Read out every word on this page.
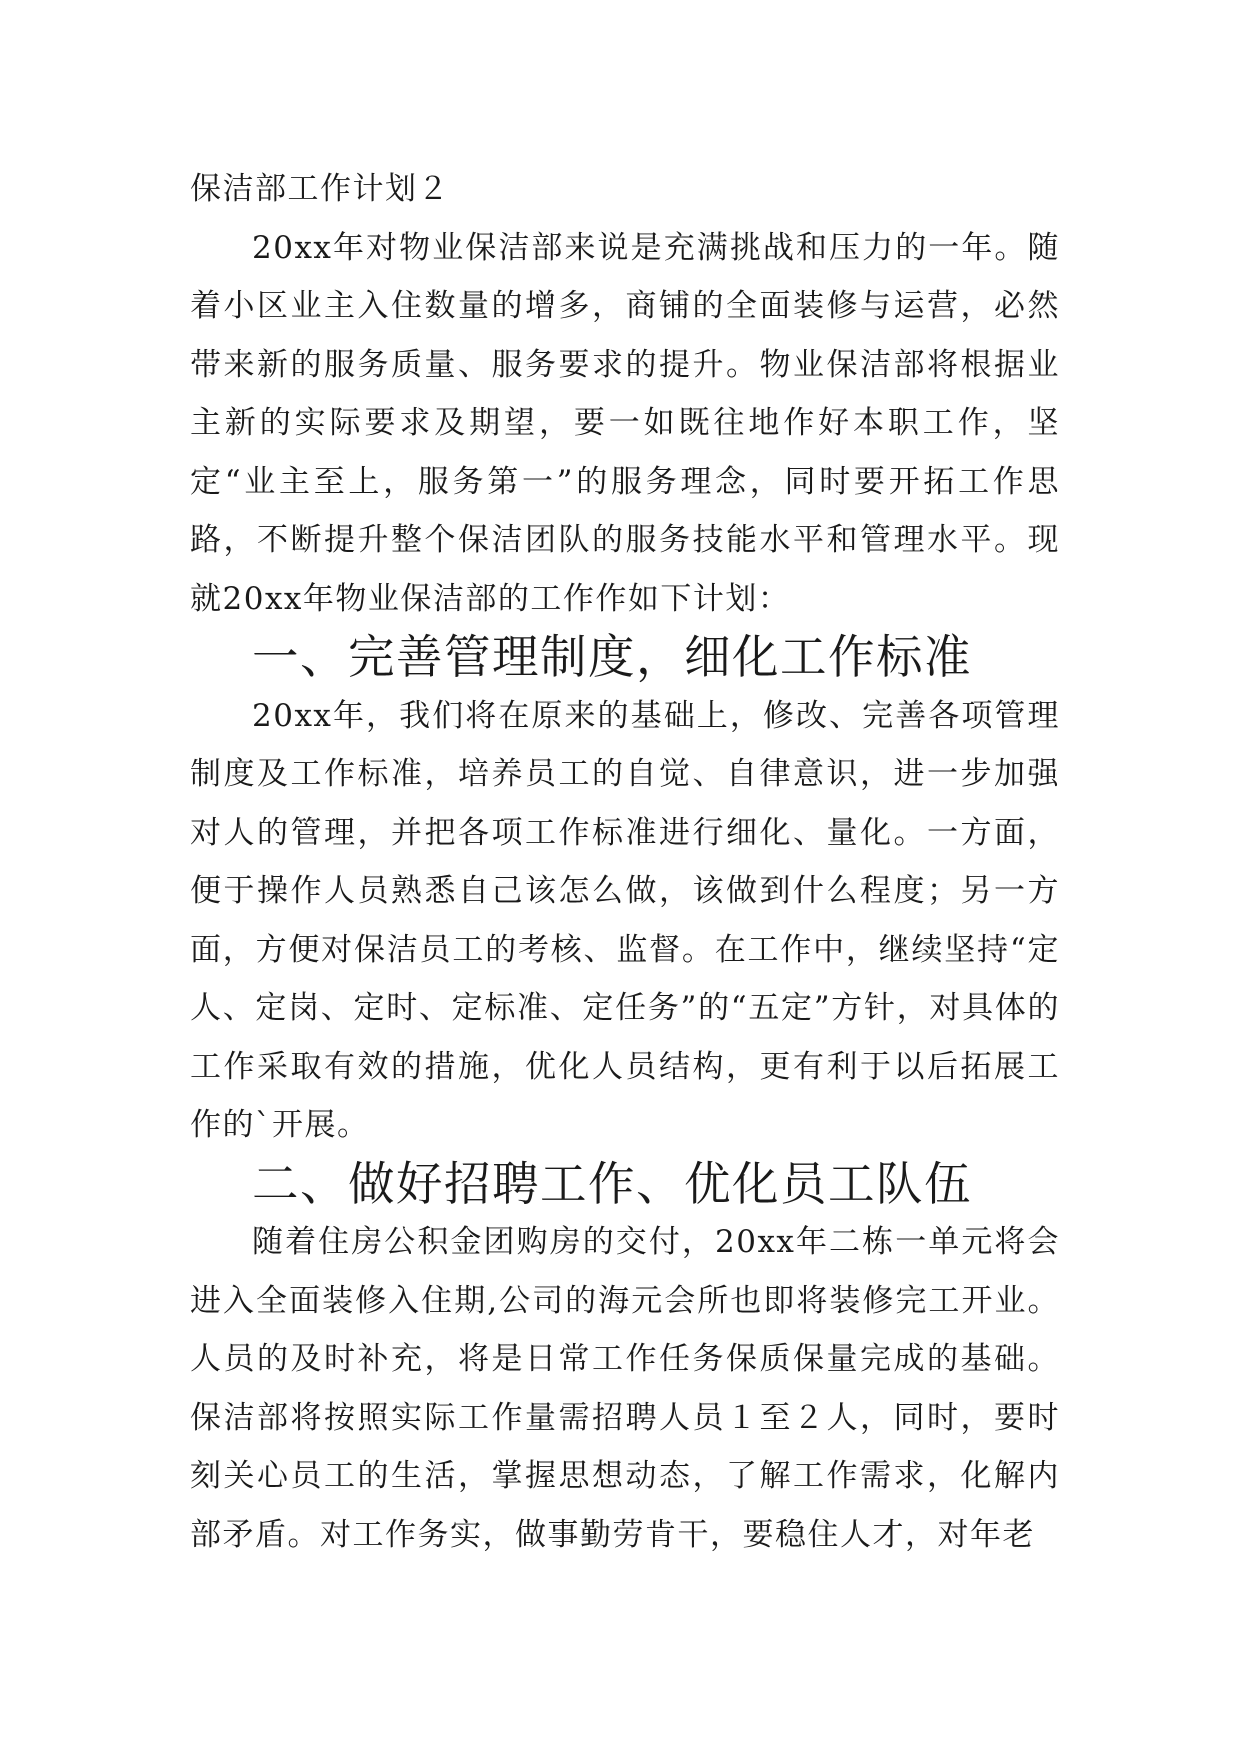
保洁部工作计划２

20xx年对物业保洁部来说是充满挑战和压力的一年。随着小区业主入住数量的增多，商铺的全面装修与运营，必然带来新的服务质量、服务要求的提升。物业保洁部将根据业主新的实际要求及期望，要一如既往地作好本职工作，坚定“业主至上，服务第一”的服务理念，同时要开拓工作思路，不断提升整个保洁团队的服务技能水平和管理水平。现就20xx年物业保洁部的工作作如下计划：

一、完善管理制度，细化工作标准

20xx年，我们将在原来的基础上，修改、完善各项管理制度及工作标准，培养员工的自觉、自律意识，进一步加强对人的管理，并把各项工作标准进行细化、量化。一方面，便于操作人员熟悉自己该怎么做，该做到什么程度；另一方面，方便对保洁员工的考核、监督。在工作中，继续坚持“定人、定岗、定时、定标准、定任务”的“五定”方针，对具体的工作采取有效的措施，优化人员结构，更有利于以后拓展工作的`开展。

二、做好招聘工作、优化员工队伍

随着住房公积金团购房的交付，20xx年二栋一单元将会进入全面装修入住期,公司的海元会所也即将装修完工开业。人员的及时补充，将是日常工作任务保质保量完成的基础。保洁部将按照实际工作量需招聘人员１至２人，同时，要时刻关心员工的生活，掌握思想动态，了解工作需求，化解内部矛盾。对工作务实，做事勤劳肯干，要稳住人才，对年老
